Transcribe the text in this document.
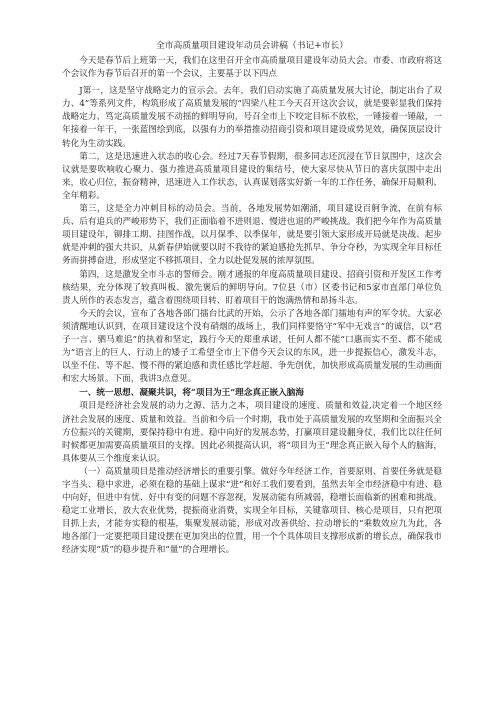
全市高质量项目建设年动员会讲稿（书记+市长）

今天是春节后上班第一天，我们在这里召开全市高质量项目建设年动员大会。市委、市政府将这个会议作为春节后召开的第一个会议，主要基于以下四点

J第一，这是坚守战略定力的宣示会。去年，我们启动实施了高质量发展大讨论，制定出台了双力、4”等系列文件，构筑形成了高质量发展的“四梁八柱工今天召开这次会议，就是要彰显我们保持战略定力、笃定高质量发展不动摇的鲜明导向，号召全市上下咬定目标不放松，一锤接着一锤敲，一年接着一年干，一张蓝图绘到底，以强有力的举措推动招商引资和项目建设成势见效，确保顶层设计转化为生动实践。

第二，这是迅速进入状态的收心会。经过7天春节假期，很多同志还沉浸在节日氛围中，这次会议就是要吹响收心聚力、强力推进高质量项目建设的集结号，使大家尽快从节日的喜庆氛围中走出来，收心归位，振奋精神，迅速进入工作状态，认真谋划落实好新一年的工作任务，确保开局顺利、全年精彩。

第三，这是全力冲刺目标的动员会。当前，各地发展势如潮涌，项目建设百舸争流，在前有标兵、后有追兵的严峻形势下，我们正面临着不进则退、慢进也退的严峻挑战。我们把今年作为高质量项目建设年，铆排工期、挂图作战，以月保季、以季保年，就是要引领大家形成开局就是决战、起步就是冲刺的强大共识，从新春伊始就要以时不我待的紧迫感抢先抓早、争分夺秒，为实现全年目标任务而拼搏奋进，形成坚定不移抓项目、全力以赴促发展的浓厚氛围。

第四，这是激发全市斗志的誓师会。刚才通报的年度高质量项目建设、招商引资和开发区工作考核结果，充分体现了较真叫板、激先褒后的鲜明导向。7位县（市）区委书记和5家市直部门单位负责人所作的表态发言，蕴含着围绕项目转、盯着项目干的饱满热情和昂扬斗志。

今天的会议，宣布了各地各部门擂台比武的开始，公示了各地各部门擂地有声的军令状。大家必须清醒地认识到，在项目建设这个没有硝烟的战场上，我们同样要恪守“军中无戏言”的诚信，以“君子一言、驷马难追”的执着和坚定，践行今天的郑重承诺，任何人都不能“口惠而实不至、都不能成为“语言上的巨人、行动上的矮子工希望全市上下借今天会议的东风，进一步提振信心，激发斗志，以坐不住、等不起、慢不得的紧迫感和责任感比学赶超、争先创优，加快形成高质量发展的生动画面和宏大场景。下面，我讲3点意见。

一、统一思想、凝聚共识，将“项目为王”理念真正嵌入脑海

项目是经济社会发展的动力之源、活力之本，项目建设的速度、质量和效益,决定着一个地区经济社会发展的速度、质量和效益。当前和今后一个时期，我市处于高质量发展的攻坚期和全面振兴全方位振兴的关键期，要保持稳中有进、稳中向好的发展态势，打赢项目建设翻身仗，我们比以往任何时候都更加需要高质量项目的支撑。因此必须提高认识，将“项目为王”理念真正嵌入每个人的脑海，具体要从三个维度来认识。

（一）高质量项目是推动经济增长的重要引擎。做好今年经济工作，首要原则、首要任务就是稳字当头、稳中求进，必须在稳的基础上谋求“进”和好工我们要看到，虽然去年全市经济稳中有进、稳中向好，但进中有忧、好中有变的问题不容忽视，发展动能有所减弱，稳增长面临新的困难和挑战。稳定工业增长，放大农业优势，提振商业消费，实现全年目标，关键靠项目、核心是项目，只有把项目抓上去，才能夯实稳的根基，集聚发展动能，形成对改善供给、拉动增长的“乘数效应九为此，各地各部门一定要把项目建设摆在更加突出的位置，用一个个具体项目支撑形成新的增长点，确保我市经济实现“质”的稳步提升和“量”的合理增长。
